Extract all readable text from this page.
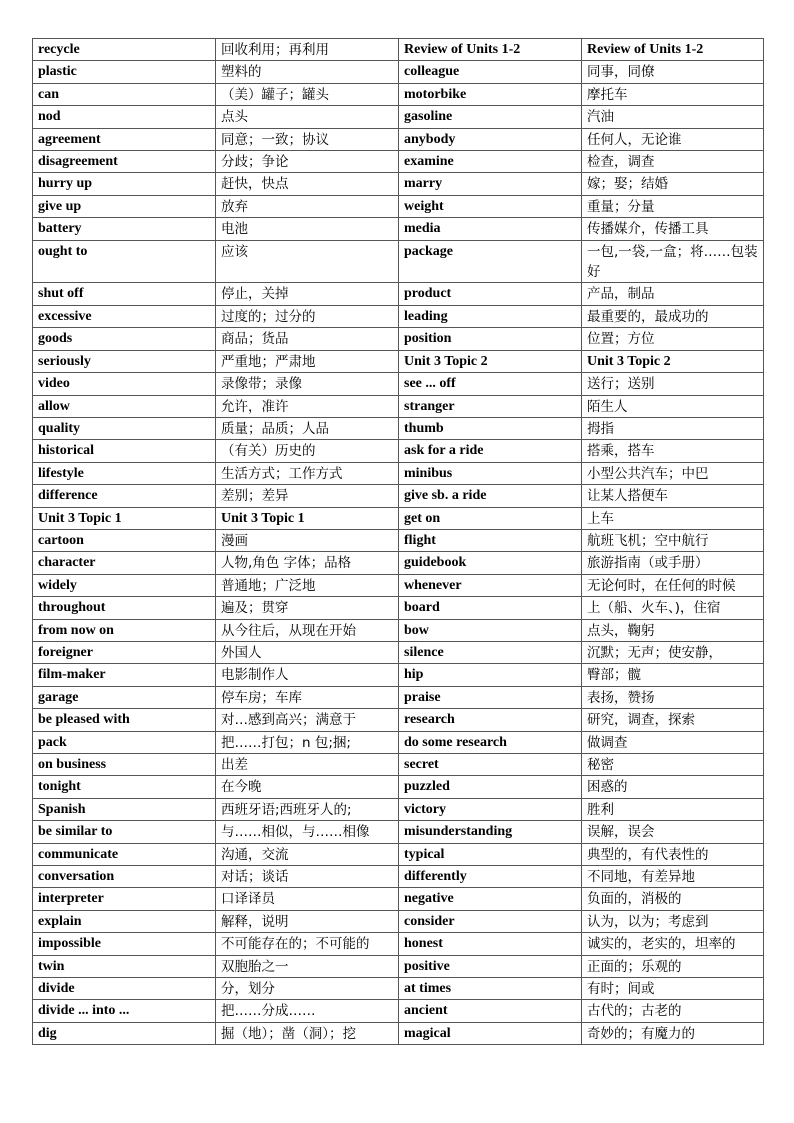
recycle	回收利用；再利用	Review of Units 1-2	Review of Units 1-2
plastic	塑料的	colleague	同事，同僚
can	（美）罐子；罐头	motorbike	摩托车
nod	点头	gasoline	汽油
agreement	同意；一致；协议	anybody	任何人，无论谁
disagreement	分歧；争论	examine	检查，调查
hurry up	赶快，快点	marry	嫁；娶；结婚
give up	放弃	weight	重量；分量
battery	电池	media	传播媒介，传播工具
ought to	应该	package	一包,一袋,一盒；将……包装好
shut off	停止，关掉	product	产品，制品
excessive	过度的；过分的	leading	最重要的，最成功的
goods	商品；货品	position	位置；方位
seriously	严重地；严肃地	Unit 3 Topic 2	Unit 3 Topic 2
video	录像带；录像	see ... off	送行；送别
allow	允许，准许	stranger	陌生人
quality	质量；品质；人品	thumb	拇指
historical	（有关）历史的	ask for a ride	搭乘，搭车
lifestyle	生活方式；工作方式	minibus	小型公共汽车；中巴
difference	差别；差异	give sb. a ride	让某人搭便车
Unit 3 Topic 1	Unit 3 Topic 1	get on	上车
cartoon	漫画	flight	航班飞机；空中航行
character	人物,角色 字体；品格	guidebook	旅游指南（或手册）
widely	普通地；广泛地	whenever	无论何时，在任何的时候
throughout	遍及；贯穿	board	上（船、火车、)，住宿
from now on	从今往后，从现在开始	bow	点头，鞠躬
foreigner	外国人	silence	沉默；无声；使安静，
film-maker	电影制作人	hip	臀部；髋
garage	停车房；车库	praise	表扬，赞扬
be pleased with	对…感到高兴；满意于	research	研究，调查，探索
pack	把……打包；n 包;捆;	do some research	做调查
on business	出差	secret	秘密
tonight	在今晚	puzzled	困惑的
Spanish	西班牙语;西班牙人的;	victory	胜利
be similar to	与……相似，与……相像	misunderstanding	误解，误会
communicate	沟通，交流	typical	典型的，有代表性的
conversation	对话；谈话	differently	不同地，有差异地
interpreter	口译译员	negative	负面的，消极的
explain	解释，说明	consider	认为，以为；考虑到
impossible	不可能存在的；不可能的	honest	诚实的，老实的，坦率的
twin	双胞胎之一	positive	正面的；乐观的
divide	分，划分	at times	有时；间或
divide ... into ...	把……分成……	ancient	古代的；古老的
dig	掘（地）；凿（洞）；挖	magical	奇妙的；有魔力的
